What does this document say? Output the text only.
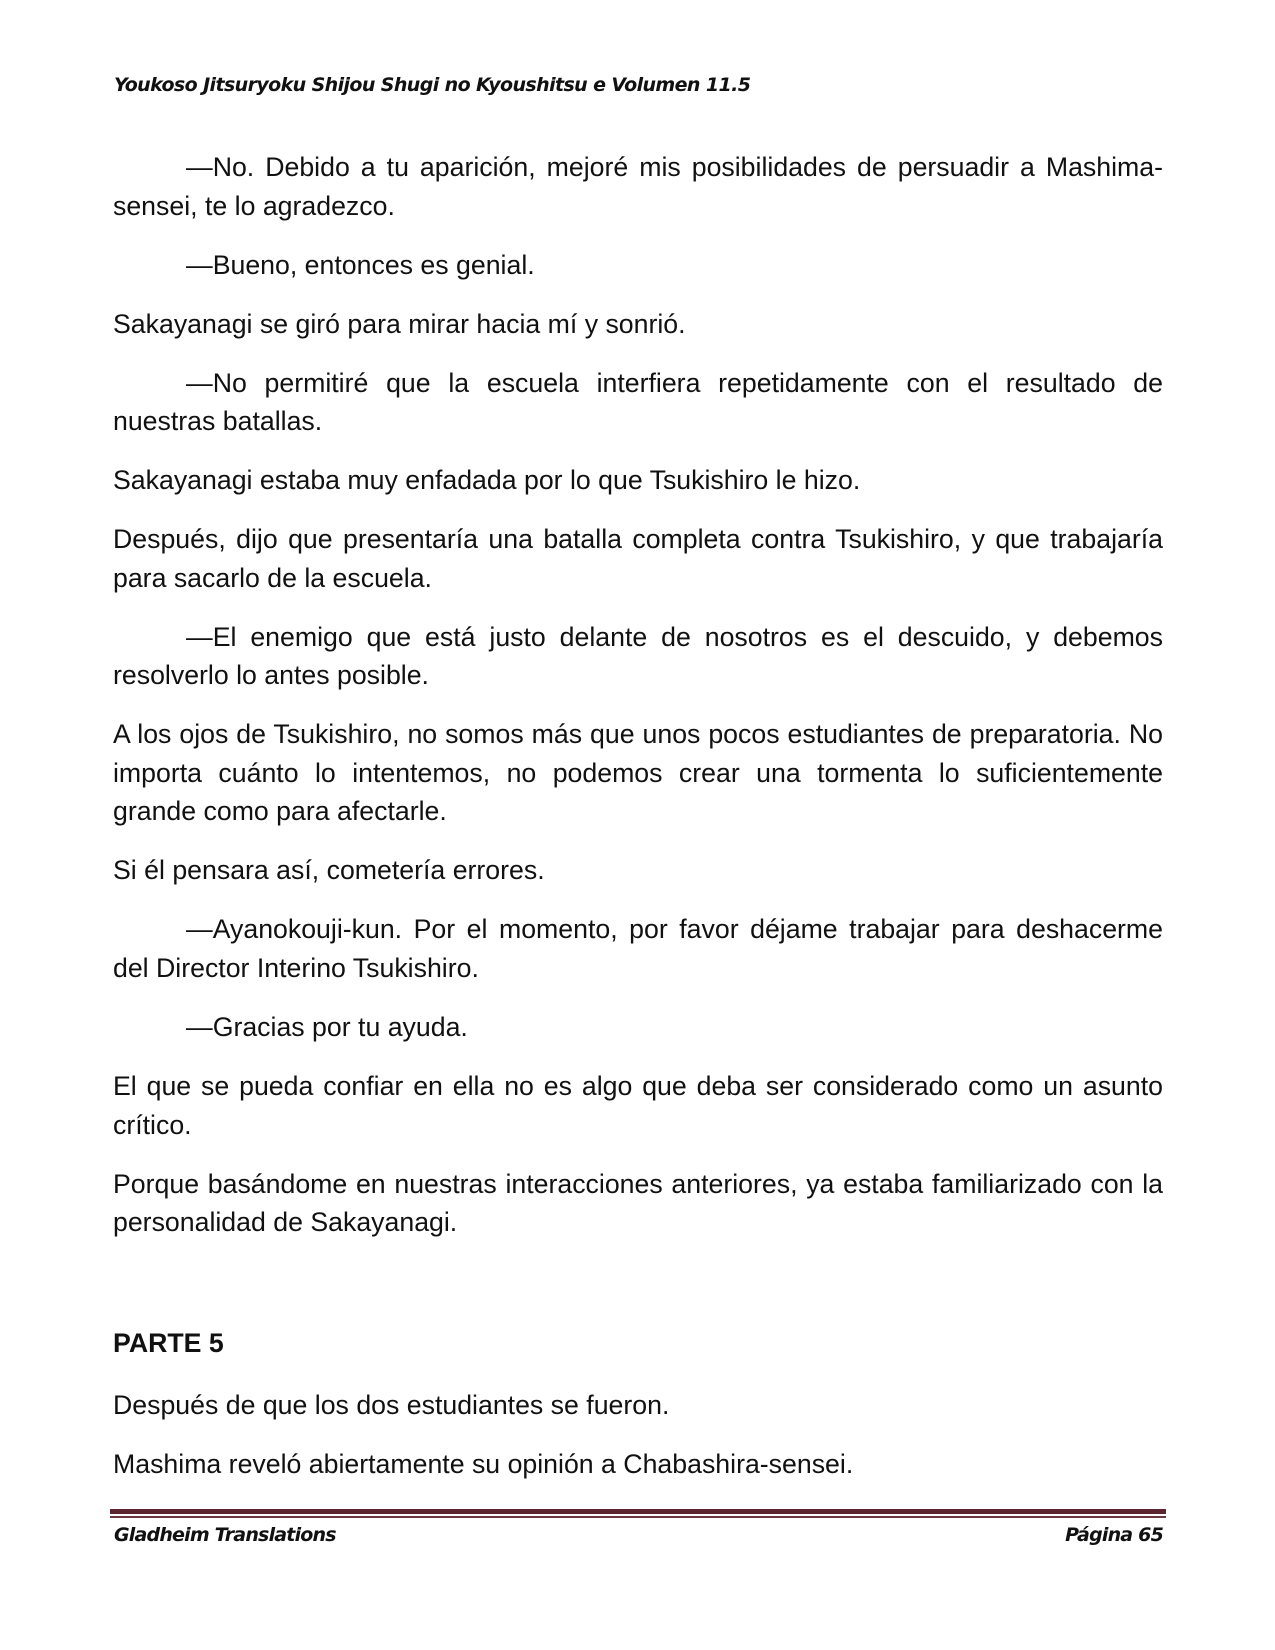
Youkoso Jitsuryoku Shijou Shugi no Kyoushitsu e Volumen 11.5

—No. Debido a tu aparición, mejoré mis posibilidades de persuadir a Mashima-sensei, te lo agradezco.

—Bueno, entonces es genial.

Sakayanagi se giró para mirar hacia mí y sonrió.

—No permitiré que la escuela interfiera repetidamente con el resultado de nuestras batallas.

Sakayanagi estaba muy enfadada por lo que Tsukishiro le hizo.

Después, dijo que presentaría una batalla completa contra Tsukishiro, y que trabajaría para sacarlo de la escuela.

—El enemigo que está justo delante de nosotros es el descuido, y debemos resolverlo lo antes posible.

A los ojos de Tsukishiro, no somos más que unos pocos estudiantes de preparatoria. No importa cuánto lo intentemos, no podemos crear una tormenta lo suficientemente grande como para afectarle.

Si él pensara así, cometería errores.

—Ayanokouji-kun. Por el momento, por favor déjame trabajar para deshacerme del Director Interino Tsukishiro.

—Gracias por tu ayuda.

El que se pueda confiar en ella no es algo que deba ser considerado como un asunto crítico.

Porque basándome en nuestras interacciones anteriores, ya estaba familiarizado con la personalidad de Sakayanagi.

PARTE 5

Después de que los dos estudiantes se fueron.

Mashima reveló abiertamente su opinión a Chabashira-sensei.

Gladheim Translations	Página 65
